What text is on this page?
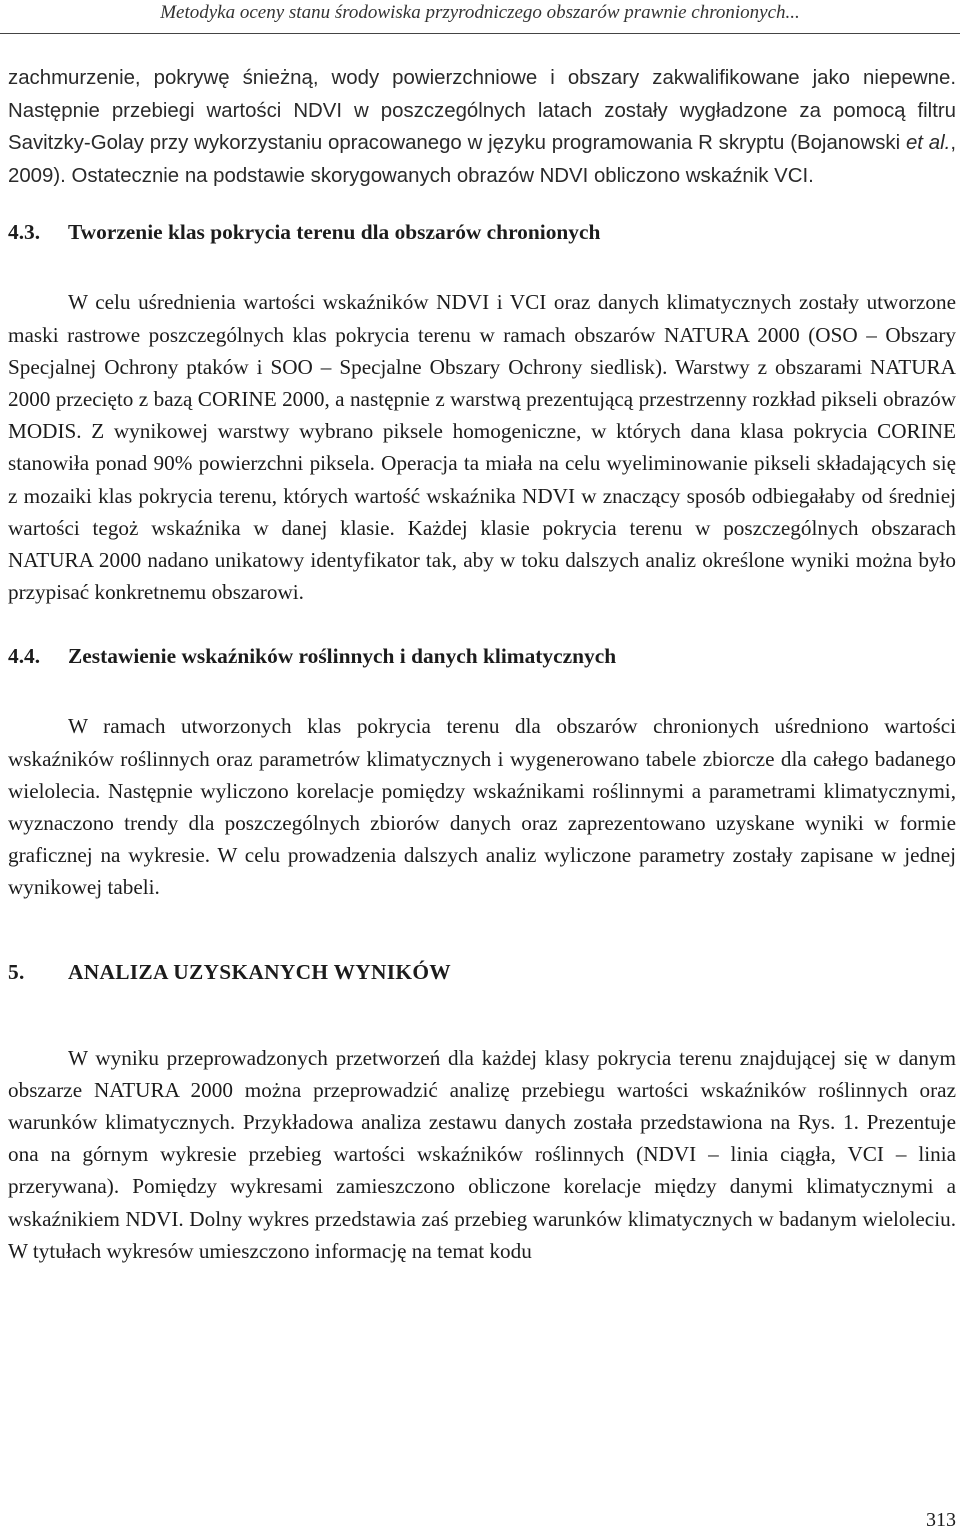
Metodyka oceny stanu środowiska przyrodniczego obszarów prawnie chronionych...

zachmurzenie, pokrywę śnieżną, wody powierzchniowe i obszary zakwalifikowane jako niepewne. Następnie przebiegi wartości NDVI w poszczególnych latach zostały wygładzone za pomocą filtru Savitzky-Golay przy wykorzystaniu opracowanego w języku programowania R skryptu (Bojanowski et al., 2009). Ostatecznie na podstawie skorygowanych obrazów NDVI obliczono wskaźnik VCI.

4.3. Tworzenie klas pokrycia terenu dla obszarów chronionych

W celu uśrednienia wartości wskaźników NDVI i VCI oraz danych klimatycznych zostały utworzone maski rastrowe poszczególnych klas pokrycia terenu w ramach obszarów NATURA 2000 (OSO – Obszary Specjalnej Ochrony ptaków i SOO – Specjalne Obszary Ochrony siedlisk). Warstwy z obszarami NATURA 2000 przecięto z bazą CORINE 2000, a następnie z warstwą prezentującą przestrzenny rozkład pikseli obrazów MODIS. Z wynikowej warstwy wybrano piksele homogeniczne, w których dana klasa pokrycia CORINE stanowiła ponad 90% powierzchni piksela. Operacja ta miała na celu wyeliminowanie pikseli składających się z mozaiki klas pokrycia terenu, których wartość wskaźnika NDVI w znaczący sposób odbiegałaby od średniej wartości tegoż wskaźnika w danej klasie. Każdej klasie pokrycia terenu w poszczególnych obszarach NATURA 2000 nadano unikatowy identyfikator tak, aby w toku dalszych analiz określone wyniki można było przypisać konkretnemu obszarowi.

4.4. Zestawienie wskaźników roślinnych i danych klimatycznych

W ramach utworzonych klas pokrycia terenu dla obszarów chronionych uśredniono wartości wskaźników roślinnych oraz parametrów klimatycznych i wygenerowano tabele zbiorcze dla całego badanego wielolecia. Następnie wyliczono korelacje pomiędzy wskaźnikami roślinnymi a parametrami klimatycznymi, wyznaczono trendy dla poszczególnych zbiorów danych oraz zaprezentowano uzyskane wyniki w formie graficznej na wykresie. W celu prowadzenia dalszych analiz wyliczone parametry zostały zapisane w jednej wynikowej tabeli.

5. ANALIZA UZYSKANYCH WYNIKÓW

W wyniku przeprowadzonych przetworzeń dla każdej klasy pokrycia terenu znajdującej się w danym obszarze NATURA 2000 można przeprowadzić analizę przebiegu wartości wskaźników roślinnych oraz warunków klimatycznych. Przykładowa analiza zestawu danych została przedstawiona na Rys. 1. Prezentuje ona na górnym wykresie przebieg wartości wskaźników roślinnych (NDVI – linia ciągła, VCI – linia przerywana). Pomiędzy wykresami zamieszczono obliczone korelacje między danymi klimatycznymi a wskaźnikiem NDVI. Dolny wykres przedstawia zaś przebieg warunków klimatycznych w badanym wieloleciu. W tytułach wykresów umieszczono informację na temat kodu

313
